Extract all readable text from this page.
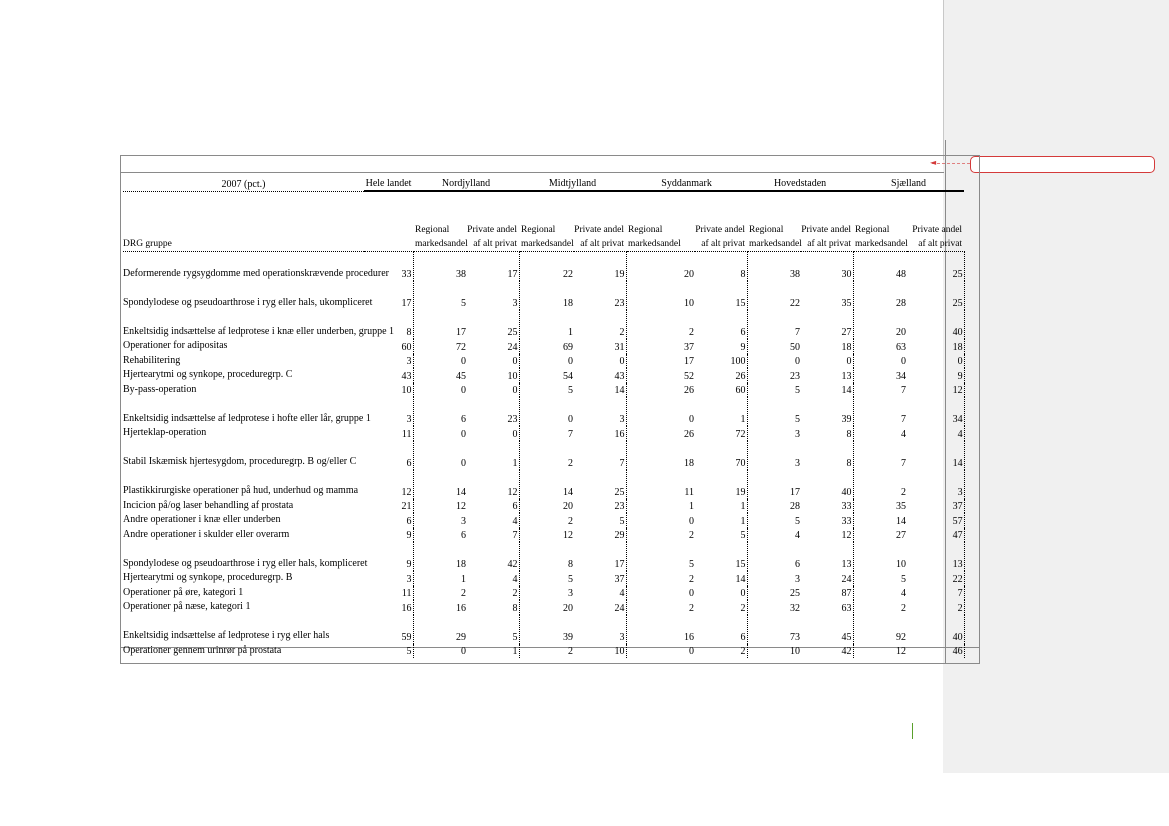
◄
2007 (pct.)	Hele landet	Nordjylland		Midtjylland		Syddanmark		Hovedstaden		Sjælland	
DRG gruppe		Regional markedsandel	Private andel af alt privat	Regional markedsandel	Private andel af alt privat	Regional markedsandel	Private andel af alt privat	Regional markedsandel	Private andel af alt privat	Regional markedsandel	Private andel af alt privat
Deformerende rygsygdomme med operationskrævende procedurer	33	38	17	22	19	20	8	38	30	48	25
Spondylodese og pseudoarthrose i ryg eller hals, ukompliceret	17	5	3	18	23	10	15	22	35	28	25
Enkeltsidig indsættelse af ledprotese i knæ eller underben, gruppe 1	8	17	25	1	2	2	6	7	27	20	40
Operationer for adipositas	60	72	24	69	31	37	9	50	18	63	18
Rehabilitering	3	0	0	0	0	17	100	0	0	0	0
Hjertearytmi og synkope, proceduregrp. C	43	45	10	54	43	52	26	23	13	34	9
By-pass-operation	10	0	0	5	14	26	60	5	14	7	12
Enkeltsidig indsættelse af ledprotese i hofte eller lår, gruppe 1	3	6	23	0	3	0	1	5	39	7	34
Hjerteklap-operation	11	0	0	7	16	26	72	3	8	4	4
Stabil Iskæmisk hjertesygdom, proceduregrp. B og/eller C	6	0	1	2	7	18	70	3	8	7	14
Plastikkirurgiske operationer på hud, underhud og mamma	12	14	12	14	25	11	19	17	40	2	3
Incicion på/og laser behandling af prostata	21	12	6	20	23	1	1	28	33	35	37
Andre operationer i knæ eller underben	6	3	4	2	5	0	1	5	33	14	57
Andre operationer i skulder eller overarm	9	6	7	12	29	2	5	4	12	27	47
Spondylodese og pseudoarthrose i ryg eller hals, kompliceret	9	18	42	8	17	5	15	6	13	10	13
Hjertearytmi og synkope, proceduregrp. B	3	1	4	5	37	2	14	3	24	5	22
Operationer på øre, kategori 1	11	2	2	3	4	0	0	25	87	4	7
Operationer på næse, kategori 1	16	16	8	20	24	2	2	32	63	2	2
Enkeltsidig indsættelse af ledprotese i ryg eller hals	59	29	5	39	3	16	6	73	45	92	40
Operationer gennem urinrør på prostata	5	0	1	2	10	0	2	10	42	12	46
